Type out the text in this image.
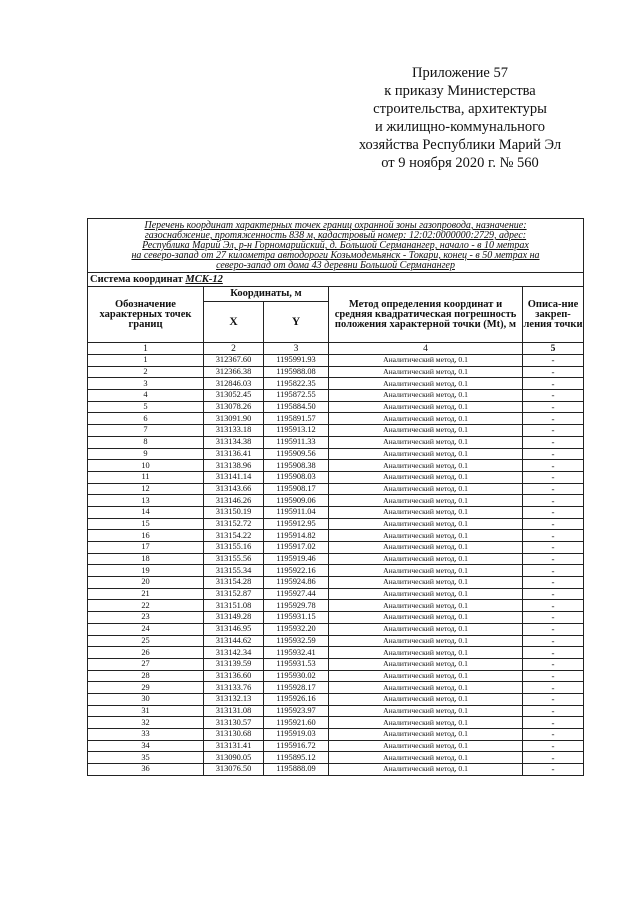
Приложение 57
к приказу Министерства
строительства, архитектуры
и жилищно-коммунального
хозяйства Республики Марий Эл
от 9 ноября 2020 г. № 560
Перечень координат характерных точек границ охранной зоны газопровода, назначение:
газоснабжение, протяженность 838 м, кадастровый номер: 12:02:0000000:2729, адрес:
Республика Марий Эл, р-н Горномарийский, д. Большой Серманангер, начало - в 10 метрах
на северо-запад от 27 километра автодороги Козьмодемьянск - Токари, конец - в 50 метрах на
северо-запад от дома 43 деревни Большой Серманангер				

Система координат МСК-12				
Обозначение характерных точек границ	Координаты, м		Метод определения координат и средняя квадратическая погрешность положения характерной точки (Mt), м	Описа-ние закреп-ления точки
	X	Y		
1	2	3	4	5
1	312367.60	1195991.93	Аналитический метод, 0.1	-
2	312366.38	1195988.08	Аналитический метод, 0.1	-
3	312846.03	1195822.35	Аналитический метод, 0.1	-
4	313052.45	1195872.55	Аналитический метод, 0.1	-
5	313078.26	1195884.50	Аналитический метод, 0.1	-
6	313091.90	1195891.57	Аналитический метод, 0.1	-
7	313133.18	1195913.12	Аналитический метод, 0.1	-
8	313134.38	1195911.33	Аналитический метод, 0.1	-
9	313136.41	1195909.56	Аналитический метод, 0.1	-
10	313138.96	1195908.38	Аналитический метод, 0.1	-
11	313141.14	1195908.03	Аналитический метод, 0.1	-
12	313143.66	1195908.17	Аналитический метод, 0.1	-
13	313146.26	1195909.06	Аналитический метод, 0.1	-
14	313150.19	1195911.04	Аналитический метод, 0.1	-
15	313152.72	1195912.95	Аналитический метод, 0.1	-
16	313154.22	1195914.82	Аналитический метод, 0.1	-
17	313155.16	1195917.02	Аналитический метод, 0.1	-
18	313155.56	1195919.46	Аналитический метод, 0.1	-
19	313155.34	1195922.16	Аналитический метод, 0.1	-
20	313154.28	1195924.86	Аналитический метод, 0.1	-
21	313152.87	1195927.44	Аналитический метод, 0.1	-
22	313151.08	1195929.78	Аналитический метод, 0.1	-
23	313149.28	1195931.15	Аналитический метод, 0.1	-
24	313146.95	1195932.20	Аналитический метод, 0.1	-
25	313144.62	1195932.59	Аналитический метод, 0.1	-
26	313142.34	1195932.41	Аналитический метод, 0.1	-
27	313139.59	1195931.53	Аналитический метод, 0.1	-
28	313136.60	1195930.02	Аналитический метод, 0.1	-
29	313133.76	1195928.17	Аналитический метод, 0.1	-
30	313132.13	1195926.16	Аналитический метод, 0.1	-
31	313131.08	1195923.97	Аналитический метод, 0.1	-
32	313130.57	1195921.60	Аналитический метод, 0.1	-
33	313130.68	1195919.03	Аналитический метод, 0.1	-
34	313131.41	1195916.72	Аналитический метод, 0.1	-
35	313090.05	1195895.12	Аналитический метод, 0.1	-
36	313076.50	1195888.09	Аналитический метод, 0.1	-
